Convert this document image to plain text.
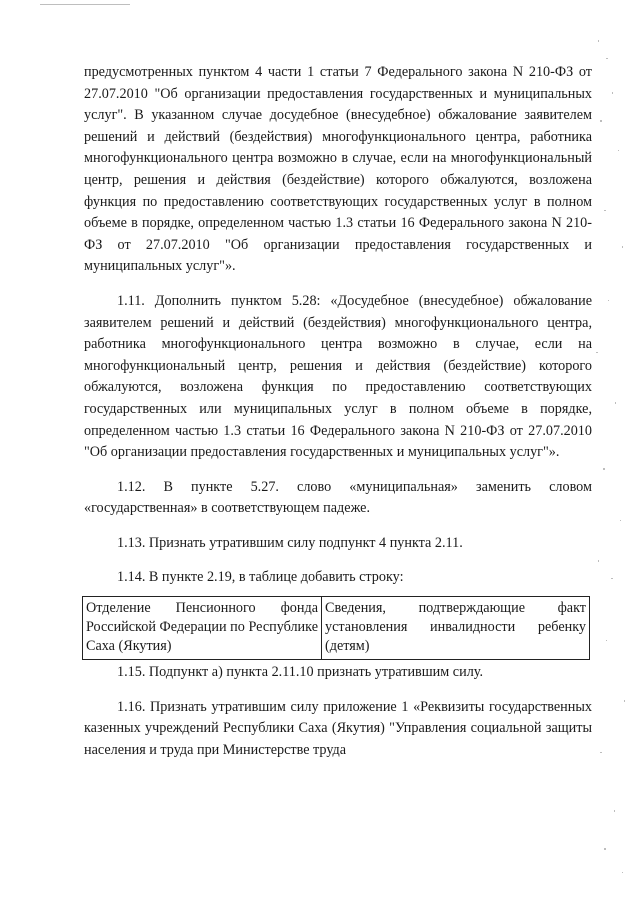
предусмотренных пунктом 4 части 1 статьи 7 Федерального закона N 210-ФЗ от 27.07.2010 "Об организации предоставления государственных и муниципальных услуг". В указанном случае досудебное (внесудебное) обжалование заявителем решений и действий (бездействия) многофункционального центра, работника многофункционального центра возможно в случае, если на многофункциональный центр, решения и действия (бездействие) которого обжалуются, возложена функция по предоставлению соответствующих государственных услуг в полном объеме в порядке, определенном частью 1.3 статьи 16 Федерального закона N 210-ФЗ от 27.07.2010 "Об организации предоставления государственных и муниципальных услуг"».

1.11. Дополнить пунктом 5.28: «Досудебное (внесудебное) обжалование заявителем решений и действий (бездействия) многофункционального центра, работника многофункционального центра возможно в случае, если на многофункциональный центр, решения и действия (бездействие) которого обжалуются, возложена функция по предоставлению соответствующих государственных или муниципальных услуг в полном объеме в порядке, определенном частью 1.3 статьи 16 Федерального закона N 210-ФЗ от 27.07.2010 "Об организации предоставления государственных и муниципальных услуг"».

1.12. В пункте 5.27. слово «муниципальная» заменить словом «государственная» в соответствующем падеже.

1.13. Признать утратившим силу подпункт 4 пункта 2.11.

1.14. В пункте 2.19, в таблице добавить строку:

Отделение Пенсионного фонда Российской Федерации по Республике Саха (Якутия)	Сведения, подтверждающие факт установления инвалидности ребенку (детям)

1.15. Подпункт а) пункта 2.11.10 признать утратившим силу.

1.16. Признать утратившим силу приложение 1 «Реквизиты государственных казенных учреждений Республики Саха (Якутия) "Управления социальной защиты населения и труда при Министерстве труда
